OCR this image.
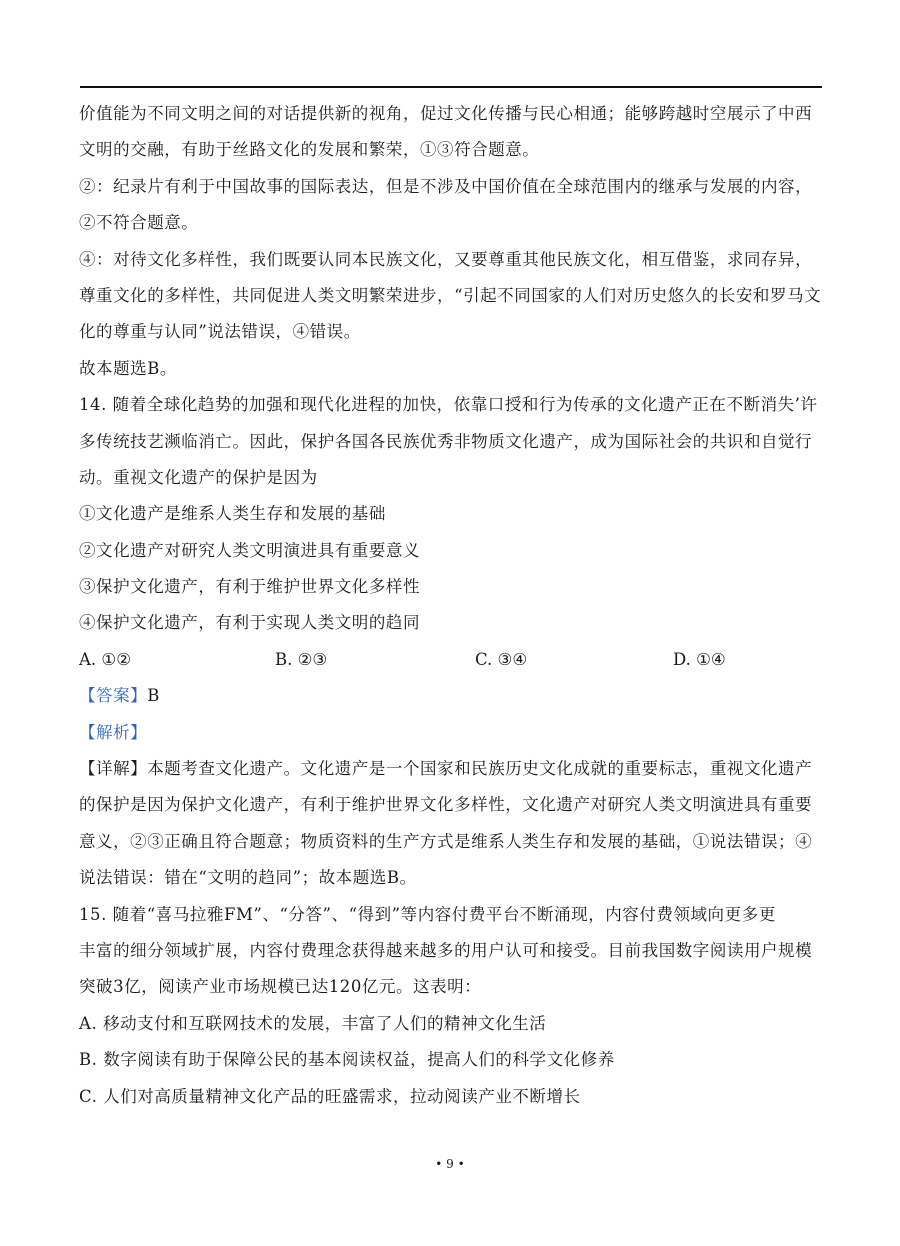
价值能为不同文明之间的对话提供新的视角，促过文化传播与民心相通；能够跨越时空展示了中西
文明的交融，有助于丝路文化的发展和繁荣，①③符合题意。
②：纪录片有利于中国故事的国际表达，但是不涉及中国价值在全球范围内的继承与发展的内容，
②不符合题意。
④：对待文化多样性，我们既要认同本民族文化，又要尊重其他民族文化，相互借鉴，求同存异，
尊重文化的多样性，共同促进人类文明繁荣进步，“引起不同国家的人们对历史悠久的长安和罗马文
化的尊重与认同”说法错误，④错误。
故本题选B。
14. 随着全球化趋势的加强和现代化进程的加快，依靠口授和行为传承的文化遗产正在不断消失’许
多传统技艺濒临消亡。因此，保护各国各民族优秀非物质文化遗产，成为国际社会的共识和自觉行
动。重视文化遗产的保护是因为
①文化遗产是维系人类生存和发展的基础
②文化遗产对研究人类文明演进具有重要意义
③保护文化遗产，有利于维护世界文化多样性
④保护文化遗产，有利于实现人类文明的趋同
A. ①②	B. ②③	C. ③④	D. ①④
【答案】B
【解析】
【详解】本题考查文化遗产。文化遗产是一个国家和民族历史文化成就的重要标志，重视文化遗产
的保护是因为保护文化遗产，有利于维护世界文化多样性，文化遗产对研究人类文明演进具有重要
意义，②③正确且符合题意；物质资料的生产方式是维系人类生存和发展的基础，①说法错误；④
说法错误：错在“文明的趋同”；故本题选B。
15. 随着“喜马拉雅FM”、“分答”、“得到”等内容付费平台不断涌现，内容付费领域向更多更
丰富的细分领域扩展，内容付费理念获得越来越多的用户认可和接受。目前我国数字阅读用户规模
突破3亿，阅读产业市场规模已达120亿元。这表明：
A. 移动支付和互联网技术的发展，丰富了人们的精神文化生活
B. 数字阅读有助于保障公民的基本阅读权益，提高人们的科学文化修养
C. 人们对高质量精神文化产品的旺盛需求，拉动阅读产业不断增长
• 9 •
